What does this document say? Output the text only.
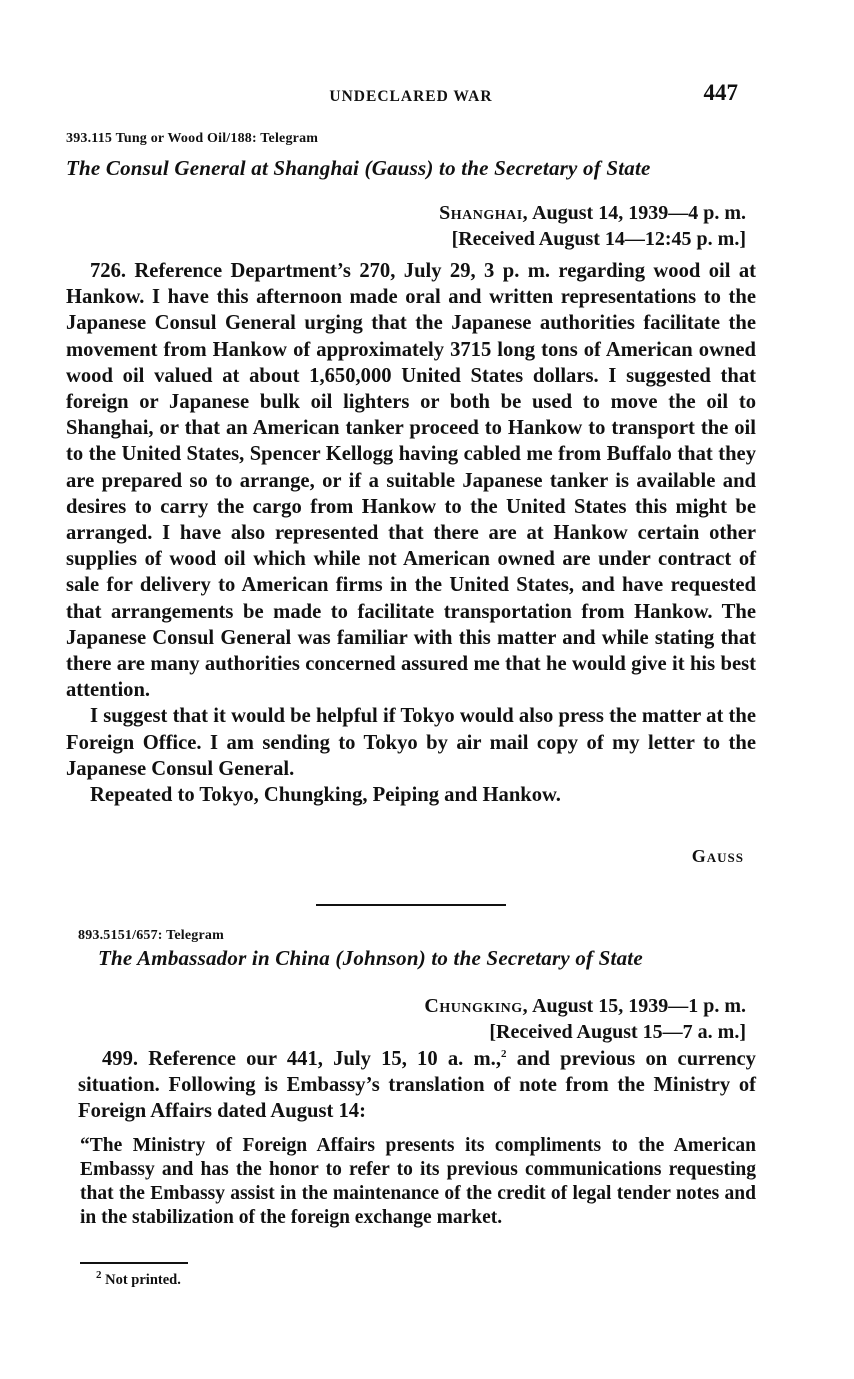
UNDECLARED WAR	447
393.115 Tung or Wood Oil/188: Telegram
The Consul General at Shanghai (Gauss) to the Secretary of State
Shanghai, August 14, 1939—4 p. m.
[Received August 14—12:45 p. m.]

726. Reference Department’s 270, July 29, 3 p. m. regarding wood oil at Hankow. I have this afternoon made oral and written representations to the Japanese Consul General urging that the Japanese authorities facilitate the movement from Hankow of approximately 3715 long tons of American owned wood oil valued at about 1,650,000 United States dollars. I suggested that foreign or Japanese bulk oil lighters or both be used to move the oil to Shanghai, or that an American tanker proceed to Hankow to transport the oil to the United States, Spencer Kellogg having cabled me from Buffalo that they are prepared so to arrange, or if a suitable Japanese tanker is available and desires to carry the cargo from Hankow to the United States this might be arranged. I have also represented that there are at Hankow certain other supplies of wood oil which while not American owned are under contract of sale for delivery to American firms in the United States, and have requested that arrangements be made to facilitate transportation from Hankow. The Japanese Consul General was familiar with this matter and while stating that there are many authorities concerned assured me that he would give it his best attention.

I suggest that it would be helpful if Tokyo would also press the matter at the Foreign Office. I am sending to Tokyo by air mail copy of my letter to the Japanese Consul General.

Repeated to Tokyo, Chungking, Peiping and Hankow.

Gauss
893.5151/657: Telegram
The Ambassador in China (Johnson) to the Secretary of State
Chungking, August 15, 1939—1 p. m.
[Received August 15—7 a. m.]

499. Reference our 441, July 15, 10 a. m.,$^2$ and previous on currency situation. Following is Embassy’s translation of note from the Ministry of Foreign Affairs dated August 14:

“The Ministry of Foreign Affairs presents its compliments to the American Embassy and has the honor to refer to its previous communications requesting that the Embassy assist in the maintenance of the credit of legal tender notes and in the stabilization of the foreign exchange market.

$^2$ Not printed.
